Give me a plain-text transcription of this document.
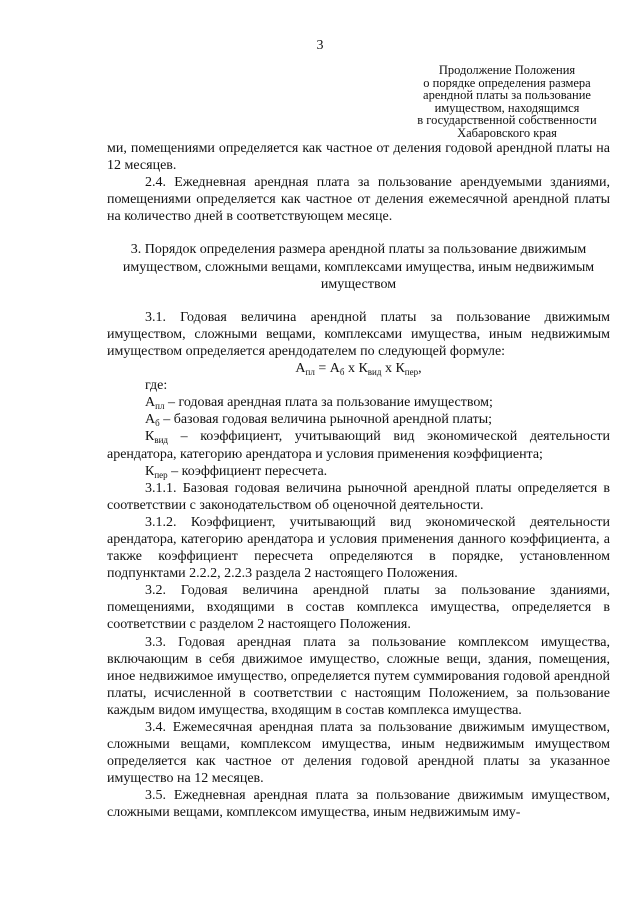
3
Продолжение Положения
о порядке определения размера
арендной платы за пользование
имуществом, находящимся
в государственной собственности
Хабаровского края

ми, помещениями определяется как частное от деления годовой арендной платы на 12 месяцев.

2.4. Ежедневная арендная плата за пользование арендуемыми зданиями, помещениями определяется как частное от деления ежемесячной арендной платы на количество дней в соответствующем месяце.

3. Порядок определения размера арендной платы за пользование движимым имуществом, сложными вещами, комплексами имущества, иным недвижимым имуществом

3.1. Годовая величина арендной платы за пользование движимым имуществом, сложными вещами, комплексами имущества, иным недвижимым имуществом определяется арендодателем по следующей формуле:

$А_{пл} = А_б$ х $К_{вид}$ х $К_{пер}$,

где:

$А_{пл}$ – годовая арендная плата за пользование имуществом;

$А_б$ – базовая годовая величина рыночной арендной платы;

$К_{вид}$ – коэффициент, учитывающий вид экономической деятельности арендатора, категорию арендатора и условия применения коэффициента;

$К_{пер}$ – коэффициент пересчета.

3.1.1. Базовая годовая величина рыночной арендной платы определяется в соответствии с законодательством об оценочной деятельности.

3.1.2. Коэффициент, учитывающий вид экономической деятельности арендатора, категорию арендатора и условия применения данного коэффициента, а также коэффициент пересчета определяются в порядке, установленном подпунктами 2.2.2, 2.2.3 раздела 2 настоящего Положения.

3.2. Годовая величина арендной платы за пользование зданиями, помещениями, входящими в состав комплекса имущества, определяется в соответствии с разделом 2 настоящего Положения.

3.3. Годовая арендная плата за пользование комплексом имущества, включающим в себя движимое имущество, сложные вещи, здания, помещения, иное недвижимое имущество, определяется путем суммирования годовой арендной платы, исчисленной в соответствии с настоящим Положением, за пользование каждым видом имущества, входящим в состав комплекса имущества.

3.4. Ежемесячная арендная плата за пользование движимым имуществом, сложными вещами, комплексом имущества, иным недвижимым имуществом определяется как частное от деления годовой арендной платы за указанное имущество на 12 месяцев.

3.5. Ежедневная арендная плата за пользование движимым имуществом, сложными вещами, комплексом имущества, иным недвижимым иму-
